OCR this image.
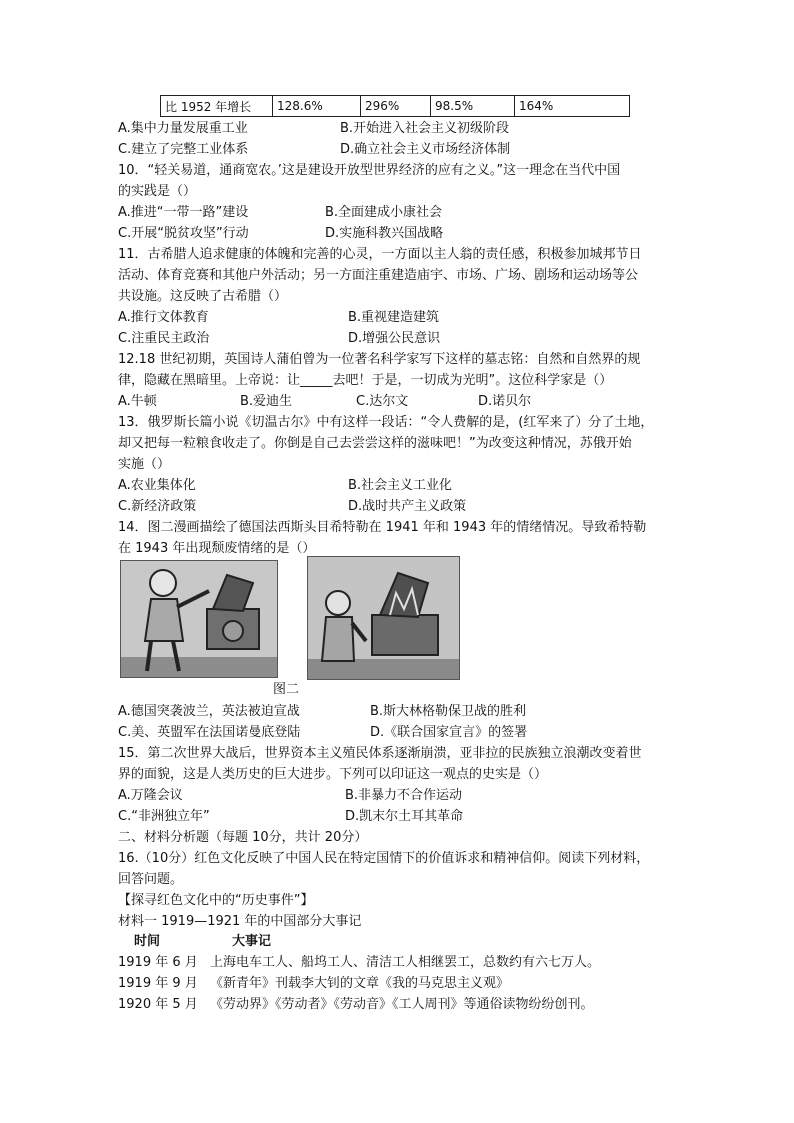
比 1952 年增长	128.6%	296%	98.5%	164%
A.集中力量发展重工业	B.开始进入社会主义初级阶段
C.建立了完整工业体系	D.确立社会主义市场经济体制
10．“轻关易道，通商宽农。’这是建设开放型世界经济的应有之义。”这一理念在当代中国
的实践是（）
A.推进“一带一路”建设	B.全面建成小康社会
C.开展“脱贫攻坚”行动	D.实施科教兴国战略
11．古希腊人追求健康的体魄和完善的心灵，一方面以主人翁的责任感，积极参加城邦节日
活动、体育竞赛和其他户外活动；另一方面注重建造庙宇、市场、广场、剧场和运动场等公
共设施。这反映了古希腊（）
A.推行文体教育	B.重视建造建筑
C.注重民主政治	D.增强公民意识
12.18 世纪初期，英国诗人蒲伯曾为一位著名科学家写下这样的墓志铭：自然和自然界的规
律，隐藏在黑暗里。上帝说：让_____去吧！于是，一切成为光明”。这位科学家是（）
A.牛顿	B.爱迪生	C.达尔文	D.诺贝尔
13．俄罗斯长篇小说《切温古尔》中有这样一段话：“令人费解的是，(红军来了）分了土地，
却又把每一粒粮食收走了。你倒是自己去尝尝这样的滋味吧！”为改变这种情况，苏俄开始
实施（）
A.农业集体化	B.社会主义工业化
C.新经济政策	D.战时共产主义政策
14．图二漫画描绘了德国法西斯头目希特勒在 1941 年和 1943 年的情绪情况。导致希特勒
在 1943 年出现颓废情绪的是（）
图二
A.德国突袭波兰，英法被迫宣战	B.斯大林格勒保卫战的胜利
C.美、英盟军在法国诺曼底登陆	D.《联合国家宣言》的签署
15．第二次世界大战后，世界资本主义殖民体系逐渐崩溃，亚非拉的民族独立浪潮改变着世
界的面貌，这是人类历史的巨大进步。下列可以印证这一观点的史实是（）
A.万隆会议	B.非暴力不合作运动
C.“非洲独立年”	D.凯末尔土耳其革命
二、材料分析题（每题 10分，共计 20分）
16.（10分）红色文化反映了中国人民在特定国情下的价值诉求和精神信仰。阅读下列材料，
回答问题。
【探寻红色文化中的“历史事件”】
材料一 1919—1921 年的中国部分大事记
时间	大事记
1919 年 6 月 上海电车工人、船坞工人、清洁工人相继罢工，总数约有六七万人。
1919 年 9 月 《新青年》刊载李大钊的文章《我的马克思主义观》
1920 年 5 月 《劳动界》《劳动者》《劳动音》《工人周刊》等通俗读物纷纷创刊。
